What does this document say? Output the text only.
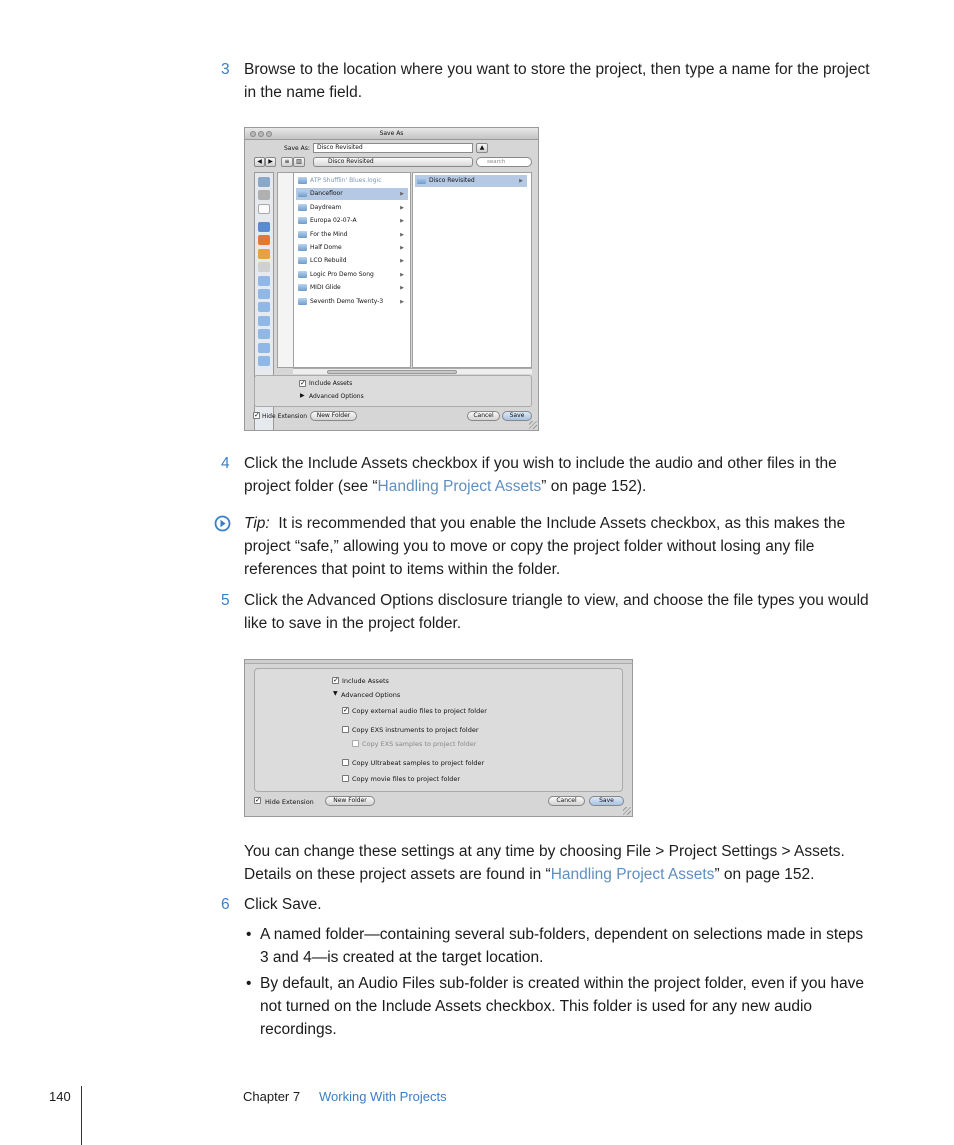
3 Browse to the location where you want to store the project, then type a name for the project in the name field.
Save As
Save As:	Disco Revisited	▲
◀	▶	≡	▥	Disco Revisited	search
ATP Shufflin' Blues.logic
Dancefloor	▶
Daydream	▶
Europa 02-07-A	▶
For the Mind	▶
Half Dome	▶
LCO Rebuild	▶
Logic Pro Demo Song	▶
MIDI Glide	▶
Seventh Demo Twenty-3	▶
Disco Revisited	▶
✓
Include Assets
▶ Advanced Options
✓
Hide Extension	New Folder	Cancel	Save
4 Click the Include Assets checkbox if you wish to include the audio and other files in the project folder (see “Handling Project Assets” on page 152).
Tip: It is recommended that you enable the Include Assets checkbox, as this makes the project “safe,” allowing you to move or copy the project folder without losing any file references that point to items within the folder.
5 Click the Advanced Options disclosure triangle to view, and choose the file types you would like to save in the project folder.
✓
Include Assets
▼ Advanced Options
✓
Copy external audio files to project folder
Copy EXS instruments to project folder
Copy EXS samples to project folder
Copy Ultrabeat samples to project folder
Copy movie files to project folder
✓
Hide Extension	New Folder	Cancel	Save
You can change these settings at any time by choosing File > Project Settings > Assets. Details on these project assets are found in “Handling Project Assets” on page 152.
6 Click Save.
• A named folder—containing several sub-folders, dependent on selections made in steps 3 and 4—is created at the target location.
• By default, an Audio Files sub-folder is created within the project folder, even if you have not turned on the Include Assets checkbox. This folder is used for any new audio recordings.
140	Chapter 7 Working With Projects
